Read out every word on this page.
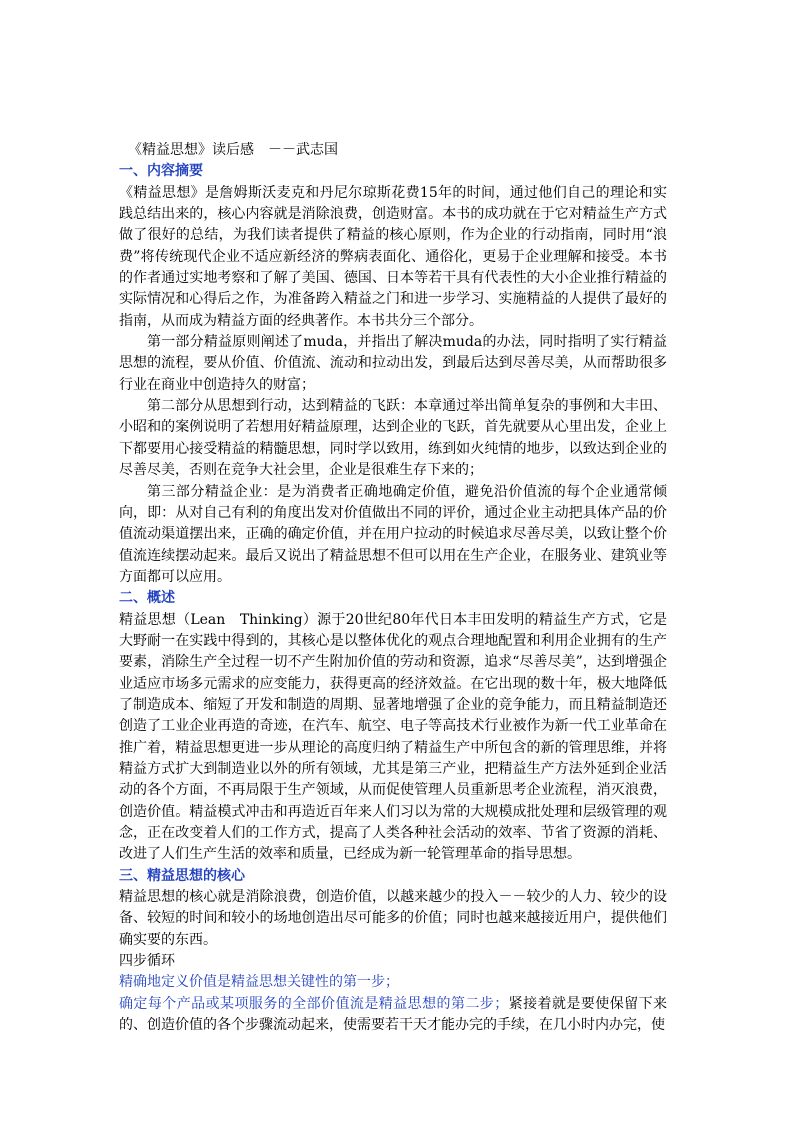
《精益思想》读后感　－－武志国

一、内容摘要

《精益思想》是詹姆斯沃麦克和丹尼尔琼斯花费15年的时间，通过他们自己的理论和实践总结出来的，核心内容就是消除浪费，创造财富。本书的成功就在于它对精益生产方式做了很好的总结，为我们读者提供了精益的核心原则，作为企业的行动指南，同时用“浪费”将传统现代企业不适应新经济的弊病表面化、通俗化，更易于企业理解和接受。本书的作者通过实地考察和了解了美国、德国、日本等若干具有代表性的大小企业推行精益的实际情况和心得后之作，为准备跨入精益之门和进一步学习、实施精益的人提供了最好的指南，从而成为精益方面的经典著作。本书共分三个部分。

第一部分精益原则阐述了muda，并指出了解决muda的办法，同时指明了实行精益思想的流程，要从价值、价值流、流动和拉动出发，到最后达到尽善尽美，从而帮助很多行业在商业中创造持久的财富；

第二部分从思想到行动，达到精益的飞跃：本章通过举出简单复杂的事例和大丰田、小昭和的案例说明了若想用好精益原理，达到企业的飞跃，首先就要从心里出发，企业上下都要用心接受精益的精髓思想，同时学以致用，练到如火纯情的地步，以致达到企业的尽善尽美，否则在竞争大社会里，企业是很难生存下来的；

第三部分精益企业：是为消费者正确地确定价值，避免沿价值流的每个企业通常倾向，即：从对自己有利的角度出发对价值做出不同的评价，通过企业主动把具体产品的价值流动渠道摆出来，正确的确定价值，并在用户拉动的时候追求尽善尽美，以致让整个价值流连续摆动起来。最后又说出了精益思想不但可以用在生产企业，在服务业、建筑业等方面都可以应用。

二、概述

精益思想（Lean　Thinking）源于20世纪80年代日本丰田发明的精益生产方式，它是大野耐一在实践中得到的，其核心是以整体优化的观点合理地配置和利用企业拥有的生产要素，消除生产全过程一切不产生附加价值的劳动和资源，追求“尽善尽美”，达到增强企业适应市场多元需求的应变能力，获得更高的经济效益。在它出现的数十年，极大地降低了制造成本、缩短了开发和制造的周期、显著地增强了企业的竞争能力，而且精益制造还创造了工业企业再造的奇迹，在汽车、航空、电子等高技术行业被作为新一代工业革命在推广着，精益思想更进一步从理论的高度归纳了精益生产中所包含的新的管理思维，并将精益方式扩大到制造业以外的所有领域，尤其是第三产业，把精益生产方法外延到企业活动的各个方面，不再局限于生产领域，从而促使管理人员重新思考企业流程，消灭浪费，创造价值。精益模式冲击和再造近百年来人们习以为常的大规模成批处理和层级管理的观念，正在改变着人们的工作方式，提高了人类各种社会活动的效率、节省了资源的消耗、改进了人们生产生活的效率和质量，已经成为新一轮管理革命的指导思想。

三、精益思想的核心

精益思想的核心就是消除浪费，创造价值，以越来越少的投入－－较少的人力、较少的设备、较短的时间和较小的场地创造出尽可能多的价值；同时也越来越接近用户，提供他们确实要的东西。

四步循环

精确地定义价值是精益思想关键性的第一步；

确定每个产品或某项服务的全部价值流是精益思想的第二步；紧接着就是要使保留下来的、创造价值的各个步骤流动起来，使需要若干天才能办完的手续，在几小时内办完，使
